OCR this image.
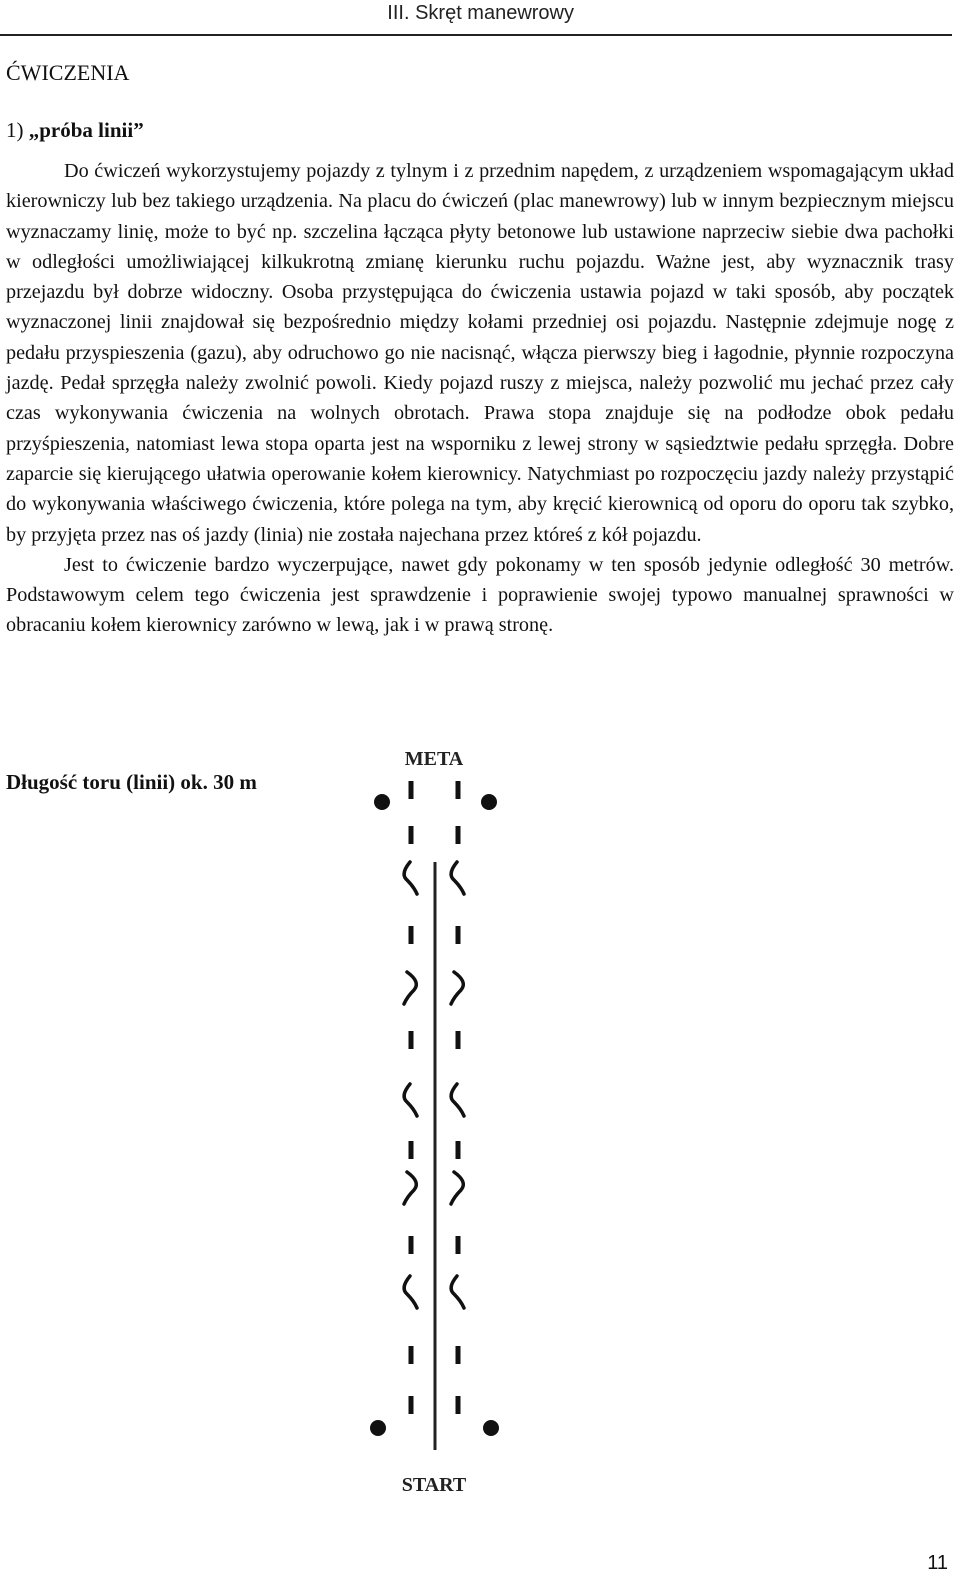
III. Skręt manewrowy
ĆWICZENIA
1) „próba linii”

Do ćwiczeń wykorzystujemy pojazdy z tylnym i z przednim napędem, z urządzeniem wspomagającym układ kierowniczy lub bez takiego urządzenia. Na placu do ćwiczeń (plac manewrowy) lub w innym bezpiecznym miejscu wyznaczamy linię, może to być np. szczelina łącząca płyty betonowe lub ustawione naprzeciw siebie dwa pachołki w odległości umożliwiającej kilkukrotną zmianę kierunku ruchu pojazdu. Ważne jest, aby wyznacznik trasy przejazdu był dobrze widoczny. Osoba przystępująca do ćwiczenia ustawia pojazd w taki sposób, aby początek wyznaczonej linii znajdował się bezpośrednio między kołami przedniej osi pojazdu. Następnie zdejmuje nogę z pedału przyspieszenia (gazu), aby odruchowo go nie nacisnąć, włącza pierwszy bieg i łagodnie, płynnie rozpoczyna jazdę. Pedał sprzęgła należy zwolnić powoli. Kiedy pojazd ruszy z miejsca, należy pozwolić mu jechać przez cały czas wykonywania ćwiczenia na wolnych obrotach. Prawa stopa znajduje się na podłodze obok pedału przyśpieszenia, natomiast lewa stopa oparta jest na wsporniku z lewej strony w sąsiedztwie pedału sprzęgła. Dobre zaparcie się kierującego ułatwia operowanie kołem kierownicy. Natychmiast po rozpoczęciu jazdy należy przystąpić do wykonywania właściwego ćwiczenia, które polega na tym, aby kręcić kierownicą od oporu do oporu tak szybko, by przyjęta przez nas oś jazdy (linia) nie została najechana przez któreś z kół pojazdu.

Jest to ćwiczenie bardzo wyczerpujące, nawet gdy pokonamy w ten sposób jedynie odległość 30 metrów. Podstawowym celem tego ćwiczenia jest sprawdzenie i poprawienie swojej typowo manualnej sprawności w obracaniu kołem kierownicy zarówno w lewą, jak i w prawą stronę.

Długość toru (linii) ok. 30 m
META
START
11
